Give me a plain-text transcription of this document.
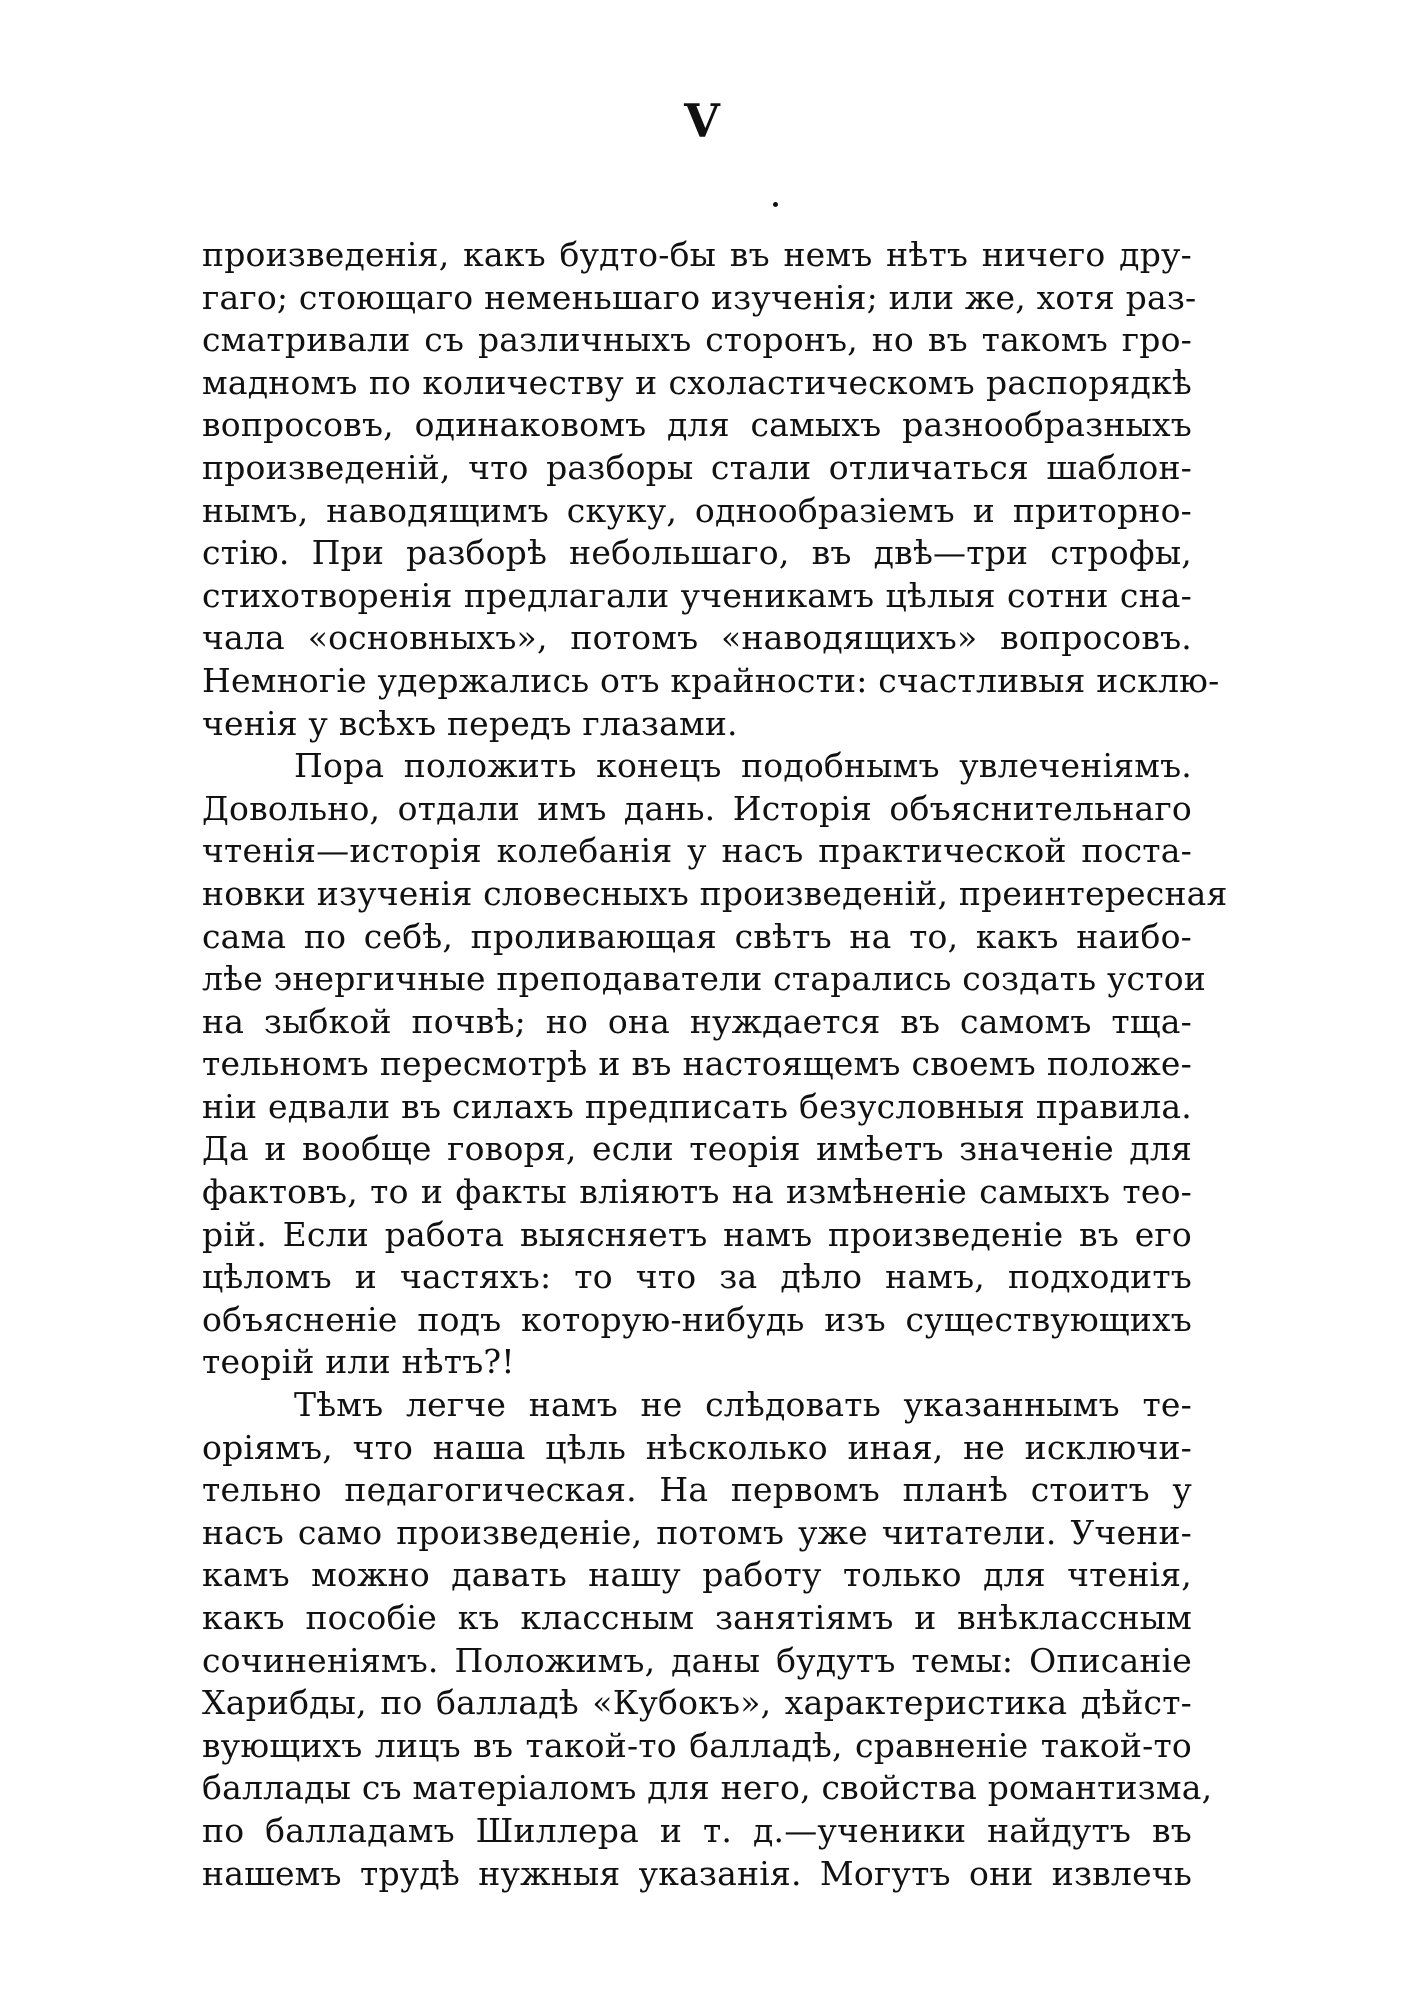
V
произведенія, какъ будто-бы въ немъ нѣтъ ничего дру-
гаго; стоющаго неменьшаго изученія; или же, хотя раз-
сматривали съ различныхъ сторонъ, но въ такомъ гро-
мадномъ по количеству и схоластическомъ распорядкѣ
вопросовъ, одинаковомъ для самыхъ разнообразныхъ
произведеній, что разборы стали отличаться шаблон-
нымъ, наводящимъ скуку, однообразіемъ и приторно-
стію. При разборѣ небольшаго, въ двѣ—три строфы,
стихотворенія предлагали ученикамъ цѣлыя сотни сна-
чала «основныхъ», потомъ «наводящихъ» вопросовъ.
Немногіе удержались отъ крайности: счастливыя исклю-
ченія у всѣхъ передъ глазами.
Пора положить конецъ подобнымъ увлеченіямъ.
Довольно, отдали имъ дань. Исторія объяснительнаго
чтенія—исторія колебанія у насъ практической поста-
новки изученія словесныхъ произведеній, преинтересная
сама по себѣ, проливающая свѣтъ на то, какъ наибо-
лѣе энергичные преподаватели старались создать устои
на зыбкой почвѣ; но она нуждается въ самомъ тща-
тельномъ пересмотрѣ и въ настоящемъ своемъ положе-
ніи едвали въ силахъ предписать безусловныя правила.
Да и вообще говоря, если теорія имѣетъ значеніе для
фактовъ, то и факты вліяютъ на измѣненіе самыхъ тео-
рій. Если работа выясняетъ намъ произведеніе въ его
цѣломъ и частяхъ: то что за дѣло намъ, подходитъ
объясненіе подъ которую-нибудь изъ существующихъ
теорій или нѣтъ?!
Тѣмъ легче намъ не слѣдовать указаннымъ те-
оріямъ, что наша цѣль нѣсколько иная, не исключи-
тельно педагогическая. На первомъ планѣ стоитъ у
насъ само произведеніе, потомъ уже читатели. Учени-
камъ можно давать нашу работу только для чтенія,
какъ пособіе къ классным занятіямъ и внѣклассным
сочиненіямъ. Положимъ, даны будутъ темы: Описаніе
Харибды, по балладѣ «Кубокъ», характеристика дѣйст-
вующихъ лицъ въ такой-то балладѣ, сравненіе такой-то
баллады съ матеріаломъ для него, свойства романтизма,
по балладамъ Шиллера и т. д.—ученики найдутъ въ
нашемъ трудѣ нужныя указанія. Могутъ они извлечь
